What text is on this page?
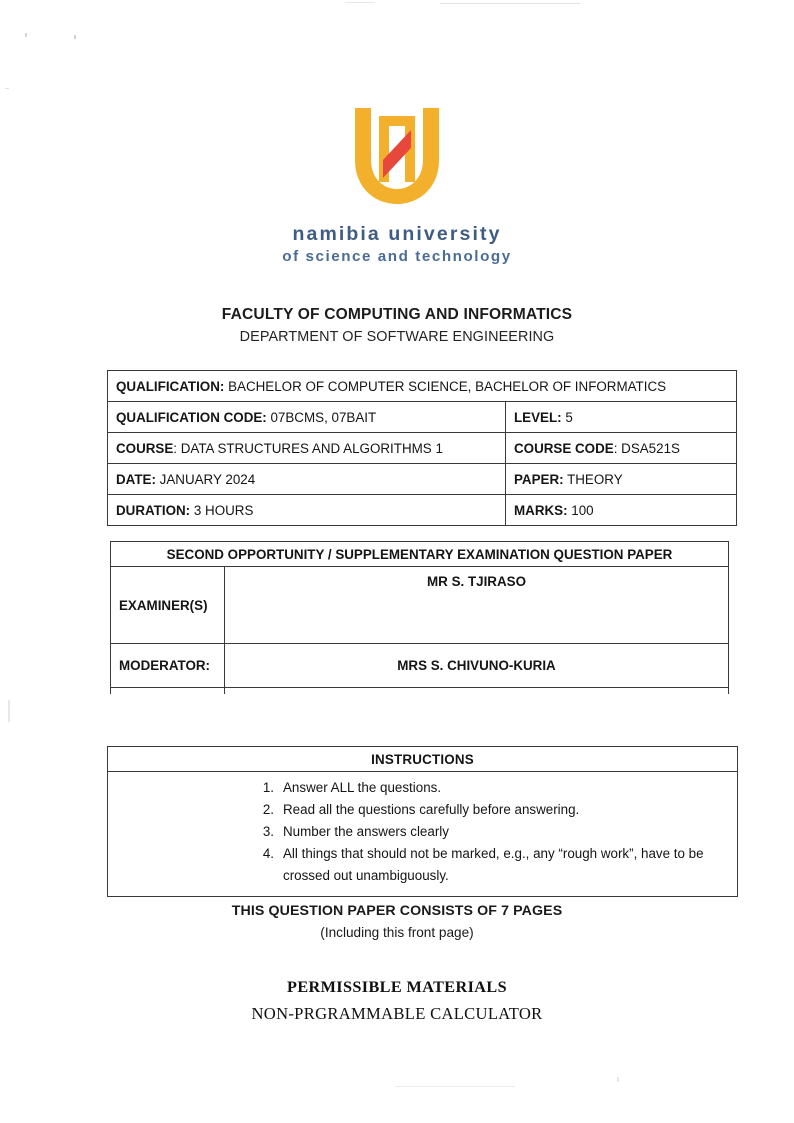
namibia university
of science and technology
FACULTY OF COMPUTING AND INFORMATICS
DEPARTMENT OF SOFTWARE ENGINEERING
QUALIFICATION: BACHELOR OF COMPUTER SCIENCE, BACHELOR OF INFORMATICS	
QUALIFICATION CODE: 07BCMS, 07BAIT	LEVEL: 5
COURSE: DATA STRUCTURES AND ALGORITHMS 1	COURSE CODE: DSA521S
DATE: JANUARY 2024	PAPER: THEORY
DURATION: 3 HOURS	MARKS: 100
SECOND OPPORTUNITY / SUPPLEMENTARY EXAMINATION QUESTION PAPER	
EXAMINER(S)	MR S. TJIRASO
MODERATOR:	MRS S. CHIVUNO-KURIA

INSTRUCTIONS

1. Answer ALL the questions.
2. Read all the questions carefully before answering.
3. Number the answers clearly
4. All things that should not be marked, e.g., any “rough work”, have to be crossed out unambiguously.
THIS QUESTION PAPER CONSISTS OF 7 PAGES
(Including this front page)
PERMISSIBLE MATERIALS
NON-PRGRAMMABLE CALCULATOR
